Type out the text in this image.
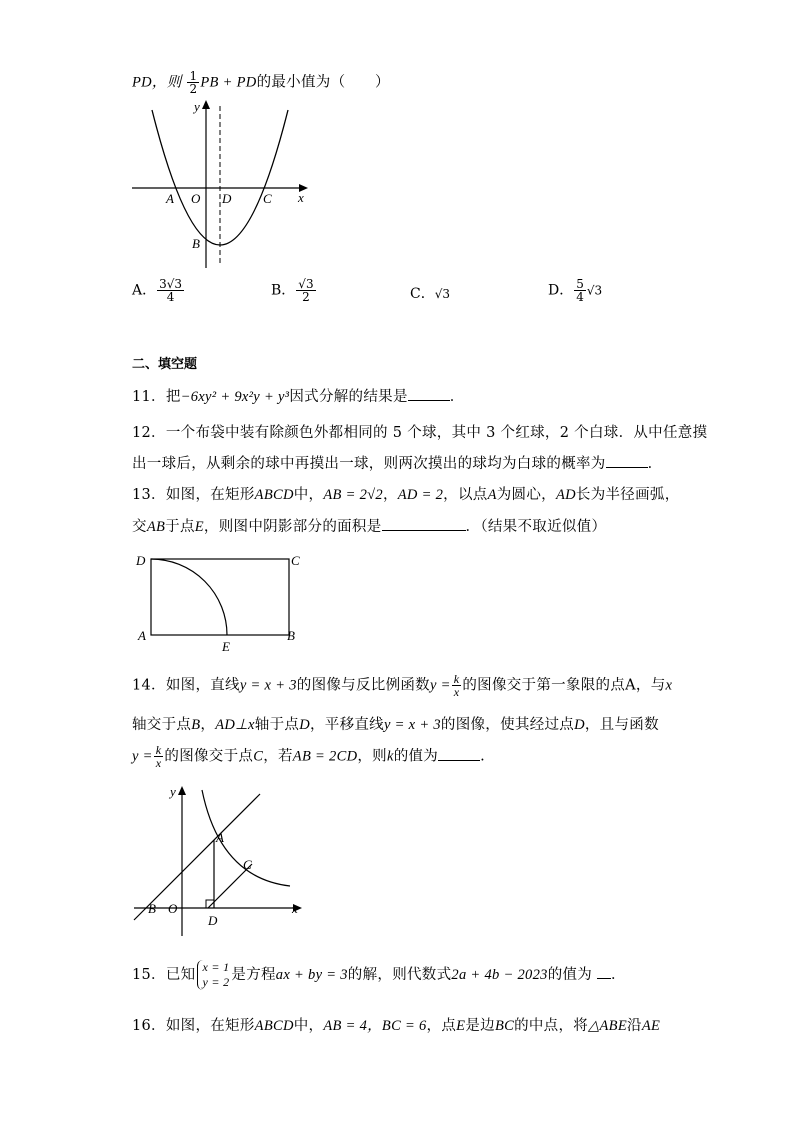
PD，则 $\frac{1}{2}$ PB + PD的最小值为（　　）
y
x
A O D C
B
A． $\frac{3√3}{4}$	B． $\frac{√3}{2}$	C．√3	D． $\frac{5}{4} √3$
二、填空题
11．把−6xy² + 9x²y + y³因式分解的结果是	．
12．一个布袋中装有除颜色外都相同的 5 个球，其中 3 个红球，2 个白球．从中任意摸
出一球后，从剩余的球中再摸出一球，则两次摸出的球均为白球的概率为	．
13．如图，在矩形ABCD中，AB = 2√2，AD = 2，以点A为圆心，AD长为半径画弧，
交AB于点E，则图中阴影部分的面积是	．（结果不取近似值）
D	C
A
E
B
14．如图，直线y = x + 3的图像与反比例函数$y = \frac{k}{x}$ 的图像交于第一象限的点A，与x
轴交于点B，AD⊥x轴于点D，平移直线y = x + 3的图像，使其经过点D，且与函数
$y = \frac{k}{x}$ 的图像交于点C，若AB = 2CD，则k的值为	.
y
A
C
B O
D
x
15．已知 x = 1
y = 2 是方程ax + by = 3的解，则代数式2a + 4b − 2023的值为 ．
16．如图，在矩形ABCD中，AB = 4，BC = 6，点E是边BC的中点，将△ABE沿AE
